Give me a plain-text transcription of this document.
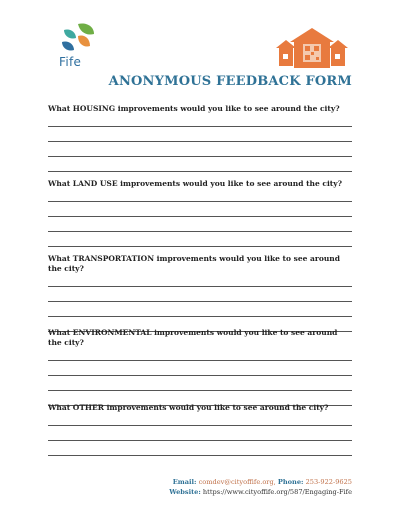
Fife
ANONYMOUS FEEDBACK FORM
What HOUSING improvements would you like to see around the city?
What LAND USE improvements would you like to see around the city?
What TRANSPORTATION improvements would you like to see around the city?
What ENVIRONMENTAL improvements would you like to see around the city?
What OTHER improvements would you like to see around the city?
Email: comdev@cityoffife.org, Phone: 253-922-9625
Website: https://www.cityoffife.org/587/Engaging-Fife
